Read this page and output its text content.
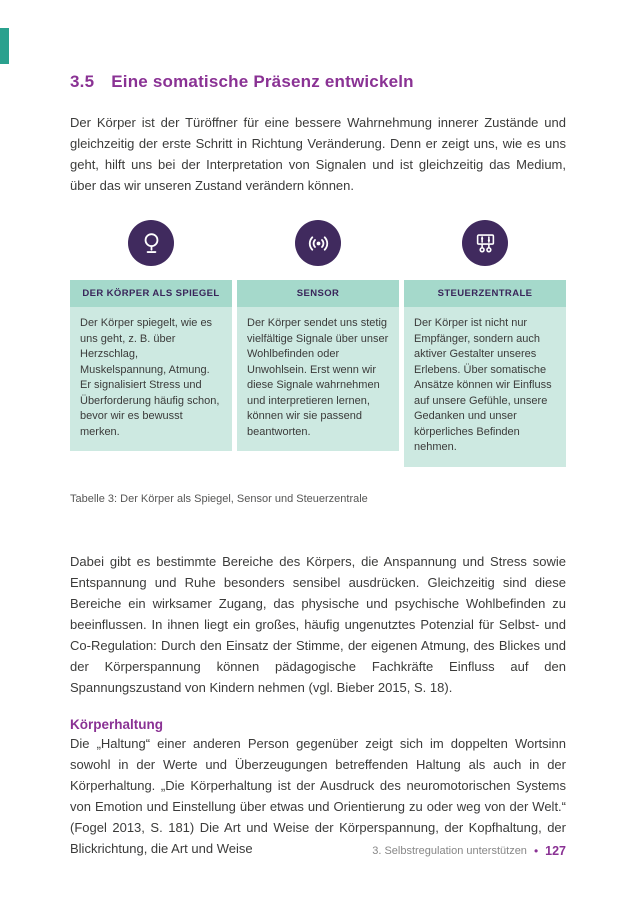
3.5 Eine somatische Präsenz entwickeln

Der Körper ist der Türöffner für eine bessere Wahrnehmung innerer Zustände und gleichzeitig der erste Schritt in Richtung Veränderung. Denn er zeigt uns, wie es uns geht, hilft uns bei der Interpretation von Signalen und ist gleichzeitig das Medium, über das wir unseren Zustand verändern können.

DER KÖRPER ALS SPIEGEL
Der Körper spiegelt, wie es uns geht, z. B. über Herzschlag, Muskelspannung, Atmung. Er signalisiert Stress und Überforderung häufig schon, bevor wir es bewusst merken.
SENSOR
Der Körper sendet uns stetig vielfältige Signale über unser Wohlbefinden oder Unwohlsein. Erst wenn wir diese Signale wahrnehmen und interpretieren lernen, können wir sie passend beantworten.
STEUERZENTRALE
Der Körper ist nicht nur Empfänger, sondern auch aktiver Gestalter unseres Erlebens. Über somatische Ansätze können wir Einfluss auf unsere Gefühle, unsere Gedanken und unser körperliches Befinden nehmen.

Tabelle 3: Der Körper als Spiegel, Sensor und Steuerzentrale

Dabei gibt es bestimmte Bereiche des Körpers, die Anspannung und Stress sowie Entspannung und Ruhe besonders sensibel ausdrücken. Gleichzeitig sind diese Bereiche ein wirksamer Zugang, das physische und psychische Wohlbefinden zu beeinflussen. In ihnen liegt ein großes, häufig ungenutztes Potenzial für Selbst- und Co-Regulation: Durch den Einsatz der Stimme, der eigenen Atmung, des Blickes und der Körperspannung können pädagogische Fachkräfte Einfluss auf den Spannungszustand von Kindern nehmen (vgl. Bieber 2015, S. 18).

Körperhaltung

Die „Haltung“ einer anderen Person gegenüber zeigt sich im doppelten Wortsinn sowohl in der Werte und Überzeugungen betreffenden Haltung als auch in der Körperhaltung. „Die Körperhaltung ist der Ausdruck des neuromotorischen Systems von Emotion und Einstellung über etwas und Orientierung zu oder weg von der Welt.“ (Fogel 2013, S. 181) Die Art und Weise der Körperspannung, der Kopfhaltung, der Blickrichtung, die Art und Weise	3. Selbstregulation unterstützen • 127
